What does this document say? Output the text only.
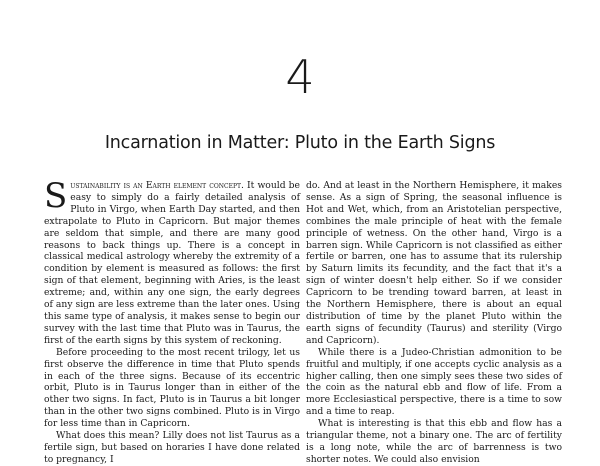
4
Incarnation in Matter: Pluto in the Earth Signs

Sustainability is an Earth element concept. It would be easy to simply do a fairly detailed analysis of Pluto in Virgo, when Earth Day started, and then extrapolate to Pluto in Capricorn. But major themes are seldom that simple, and there are many good reasons to back things up. There is a concept in classical medical astrology whereby the extremity of a condition by element is measured as follows: the first sign of that element, beginning with Aries, is the least extreme; and, within any one sign, the early degrees of any sign are less extreme than the later ones. Using this same type of analysis, it makes sense to begin our survey with the last time that Pluto was in Taurus, the first of the earth signs by this system of reckoning.

Before proceeding to the most recent trilogy, let us first observe the difference in time that Pluto spends in each of the three signs. Because of its eccentric orbit, Pluto is in Taurus longer than in either of the other two signs. In fact, Pluto is in Taurus a bit longer than in the other two signs combined. Pluto is in Virgo for less time than in Capricorn.

What does this mean? Lilly does not list Taurus as a fertile sign, but based on horaries I have done related to pregnancy, I

do. And at least in the Northern Hemisphere, it makes sense. As a sign of Spring, the seasonal influence is Hot and Wet, which, from an Aristotelian perspective, combines the male principle of heat with the female principle of wetness. On the other hand, Virgo is a barren sign. While Capricorn is not classified as either fertile or barren, one has to assume that its rulership by Saturn limits its fecundity, and the fact that it's a sign of winter doesn't help either. So if we consider Capricorn to be trending toward barren, at least in the Northern Hemisphere, there is about an equal distribution of time by the planet Pluto within the earth signs of fecundity (Taurus) and sterility (Virgo and Capricorn).

While there is a Judeo-Christian admonition to be fruitful and multiply, if one accepts cyclic analysis as a higher calling, then one simply sees these two sides of the coin as the natural ebb and flow of life. From a more Ecclesiastical perspective, there is a time to sow and a time to reap.

What is interesting is that this ebb and flow has a triangular theme, not a binary one. The arc of fertility is a long note, while the arc of barrenness is two shorter notes. We could also envision
